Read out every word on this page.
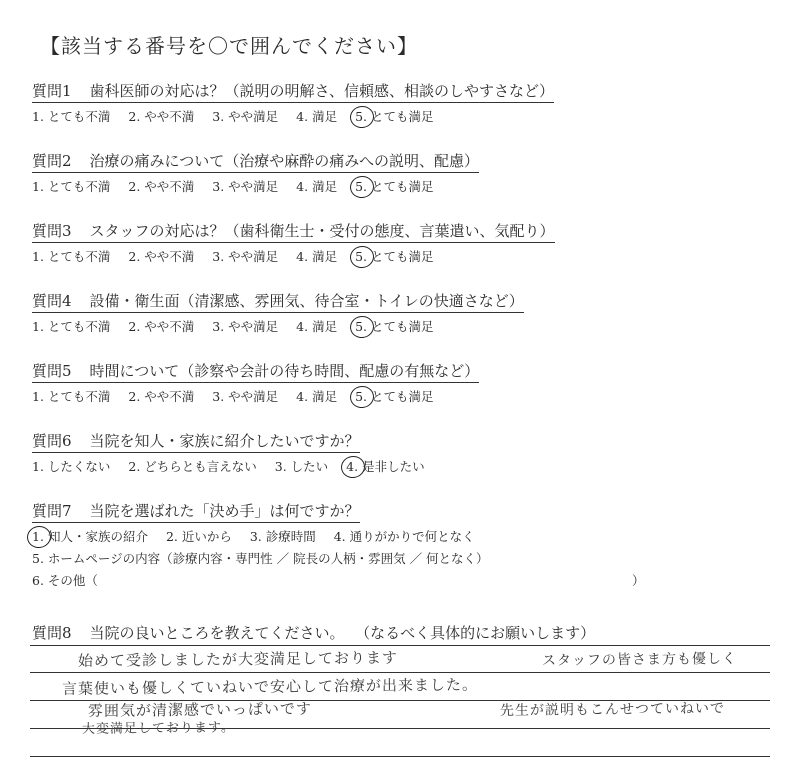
【該当する番号を〇で囲んでください】
質問1 歯科医師の対応は？（説明の明解さ、信頼感、相談のしやすさなど）
1. とても不満 2. やや不満 3. やや満足 4. 満足 5. とても満足
質問2 治療の痛みについて（治療や麻酔の痛みへの説明、配慮）
1. とても不満 2. やや不満 3. やや満足 4. 満足 5. とても満足
質問3 スタッフの対応は？（歯科衛生士・受付の態度、言葉遣い、気配り）
1. とても不満 2. やや不満 3. やや満足 4. 満足 5. とても満足
質問4 設備・衛生面（清潔感、雰囲気、待合室・トイレの快適さなど）
1. とても不満 2. やや不満 3. やや満足 4. 満足 5. とても満足
質問5 時間について（診察や会計の待ち時間、配慮の有無など）
1. とても不満 2. やや不満 3. やや満足 4. 満足 5. とても満足
質問6 当院を知人・家族に紹介したいですか？
1. したくない 2. どちらとも言えない 3. したい 4. 是非したい
質問7 当院を選ばれた「決め手」は何ですか？
1. 知人・家族の紹介 2. 近いから 3. 診療時間 4. 通りがかりで何となく
5. ホームページの内容（診療内容・専門性 ／ 院長の人柄・雰囲気 ／ 何となく）
6. その他（	）
質問8 当院の良いところを教えてください。 （なるべく具体的にお願いします）
始めて受診しましたが大変満足しております	スタッフの皆さま方も優しく
言葉使いも優しくていねいで安心して治療が出来ました。
雰囲気が清潔感でいっぱいです	先生が説明もこんせつていねいで
大変満足しております。
